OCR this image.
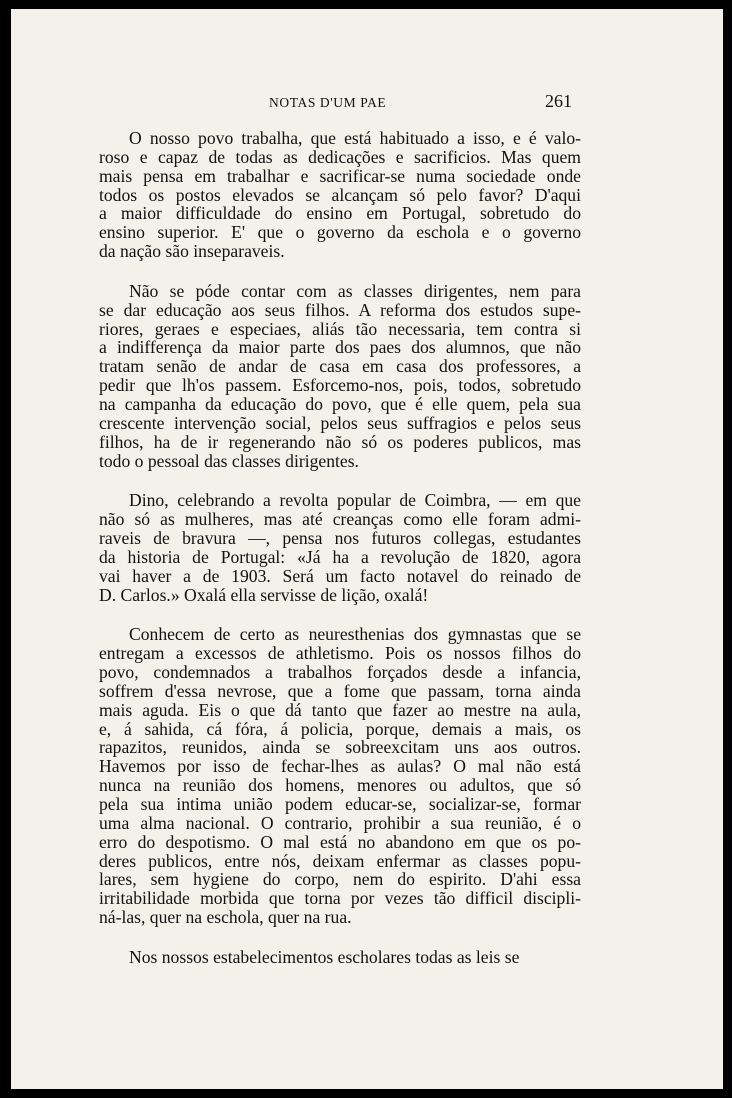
NOTAS D'UM PAE	261
O nosso povo trabalha, que está habituado a isso, e é valo-
roso e capaz de todas as dedicações e sacrificios. Mas quem
mais pensa em trabalhar e sacrificar-se numa sociedade onde
todos os postos elevados se alcançam só pelo favor? D'aqui
a maior difficuldade do ensino em Portugal, sobretudo do
ensino superior. E' que o governo da eschola e o governo
da nação são inseparaveis.
Não se póde contar com as classes dirigentes, nem para
se dar educação aos seus filhos. A reforma dos estudos supe-
riores, geraes e especiaes, aliás tão necessaria, tem contra si
a indifferença da maior parte dos paes dos alumnos, que não
tratam senão de andar de casa em casa dos professores, a
pedir que lh'os passem. Esforcemo-nos, pois, todos, sobretudo
na campanha da educação do povo, que é elle quem, pela sua
crescente intervenção social, pelos seus suffragios e pelos seus
filhos, ha de ir regenerando não só os poderes publicos, mas
todo o pessoal das classes dirigentes.
Dino, celebrando a revolta popular de Coimbra, — em que
não só as mulheres, mas até creanças como elle foram admi-
raveis de bravura —, pensa nos futuros collegas, estudantes
da historia de Portugal: «Já ha a revolução de 1820, agora
vai haver a de 1903. Será um facto notavel do reinado de
D. Carlos.» Oxalá ella servisse de lição, oxalá!
Conhecem de certo as neuresthenias dos gymnastas que se
entregam a excessos de athletismo. Pois os nossos filhos do
povo, condemnados a trabalhos forçados desde a infancia,
soffrem d'essa nevrose, que a fome que passam, torna ainda
mais aguda. Eis o que dá tanto que fazer ao mestre na aula,
e, á sahida, cá fóra, á policia, porque, demais a mais, os
rapazitos, reunidos, ainda se sobreexcitam uns aos outros.
Havemos por isso de fechar-lhes as aulas? O mal não está
nunca na reunião dos homens, menores ou adultos, que só
pela sua intima união podem educar-se, socializar-se, formar
uma alma nacional. O contrario, prohibir a sua reunião, é o
erro do despotismo. O mal está no abandono em que os po-
deres publicos, entre nós, deixam enfermar as classes popu-
lares, sem hygiene do corpo, nem do espirito. D'ahi essa
irritabilidade morbida que torna por vezes tão difficil discipli-
ná-las, quer na eschola, quer na rua.
Nos nossos estabelecimentos escholares todas as leis se
